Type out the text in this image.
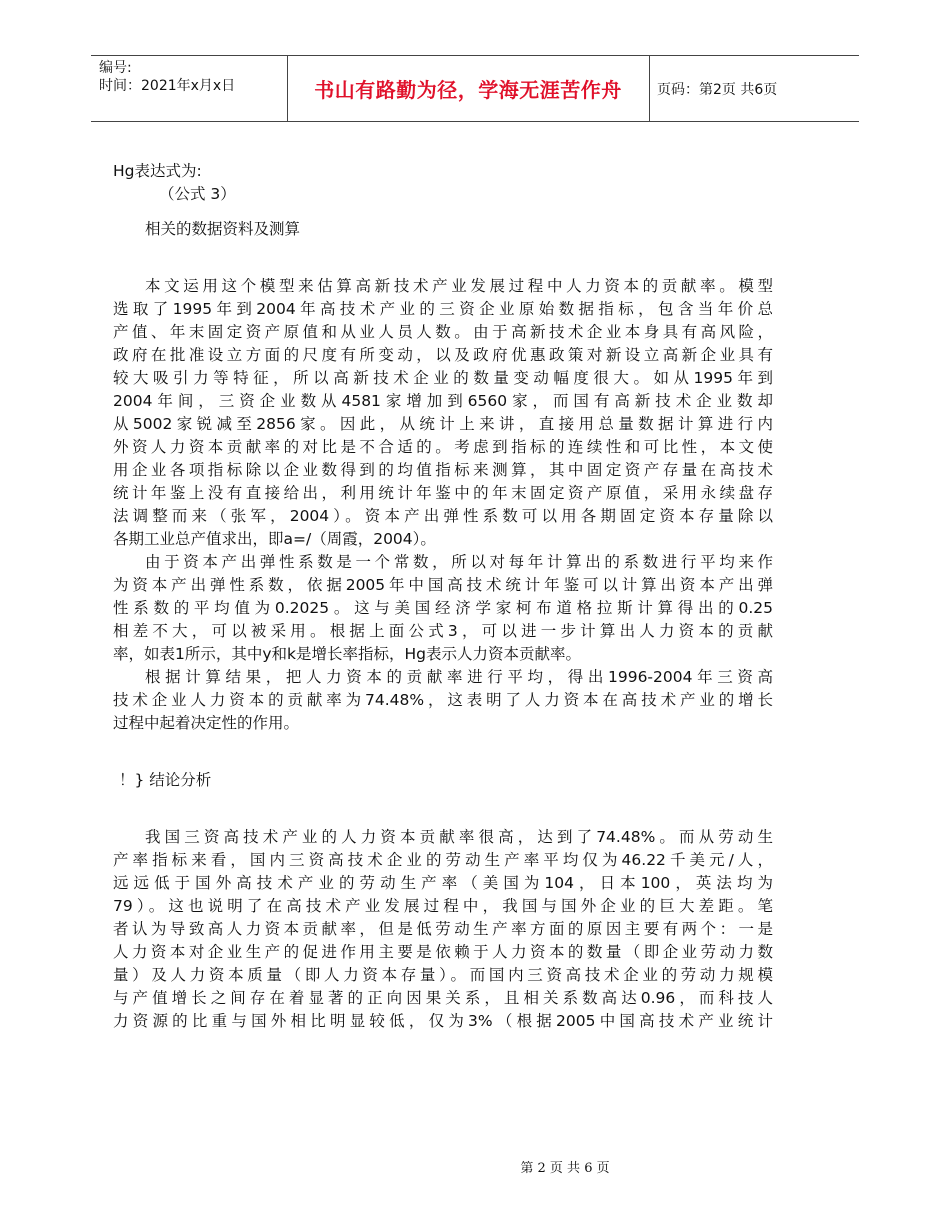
编号:
时间：2021年x月x日	书山有路勤为径，学海无涯苦作舟	页码：第2页 共6页
Hg表达式为:
（公式 3）
相关的数据资料及测算
本文运用这个模型来估算高新技术产业发展过程中人力资本的贡献率。模型
选取了1995年到2004年高技术产业的三资企业原始数据指标，包含当年价总
产值、年末固定资产原值和从业人员人数。由于高新技术企业本身具有高风险，
政府在批准设立方面的尺度有所变动，以及政府优惠政策对新设立高新企业具有
较大吸引力等特征，所以高新技术企业的数量变动幅度很大。如从1995年到
2004年间，三资企业数从4581家增加到6560家，而国有高新技术企业数却
从5002家锐减至2856家。因此，从统计上来讲，直接用总量数据计算进行内
外资人力资本贡献率的对比是不合适的。考虑到指标的连续性和可比性，本文使
用企业各项指标除以企业数得到的均值指标来测算，其中固定资产存量在高技术
统计年鉴上没有直接给出，利用统计年鉴中的年末固定资产原值，采用永续盘存
法调整而来（张军，2004）。资本产出弹性系数可以用各期固定资本存量除以
各期工业总产值求出，即a=/（周霞，2004）。
由于资本产出弹性系数是一个常数，所以对每年计算出的系数进行平均来作
为资本产出弹性系数，依据2005年中国高技术统计年鉴可以计算出资本产出弹
性系数的平均值为0.2025。这与美国经济学家柯布道格拉斯计算得出的0.25
相差不大，可以被采用。根据上面公式3，可以进一步计算出人力资本的贡献
率，如表1所示，其中y和k是增长率指标，Hg表示人力资本贡献率。
根据计算结果，把人力资本的贡献率进行平均，得出1996-2004年三资高
技术企业人力资本的贡献率为74.48%，这表明了人力资本在高技术产业的增长
过程中起着决定性的作用。
！} 结论分析
我国三资高技术产业的人力资本贡献率很高，达到了74.48%。而从劳动生
产率指标来看，国内三资高技术企业的劳动生产率平均仅为46.22千美元/人，
远远低于国外高技术产业的劳动生产率（美国为104，日本100，英法均为
79）。这也说明了在高技术产业发展过程中，我国与国外企业的巨大差距。笔
者认为导致高人力资本贡献率，但是低劳动生产率方面的原因主要有两个：一是
人力资本对企业生产的促进作用主要是依赖于人力资本的数量（即企业劳动力数
量）及人力资本质量（即人力资本存量）。而国内三资高技术企业的劳动力规模
与产值增长之间存在着显著的正向因果关系，且相关系数高达0.96，而科技人
力资源的比重与国外相比明显较低，仅为3%（根据2005中国高技术产业统计
第 2 页 共 6 页
